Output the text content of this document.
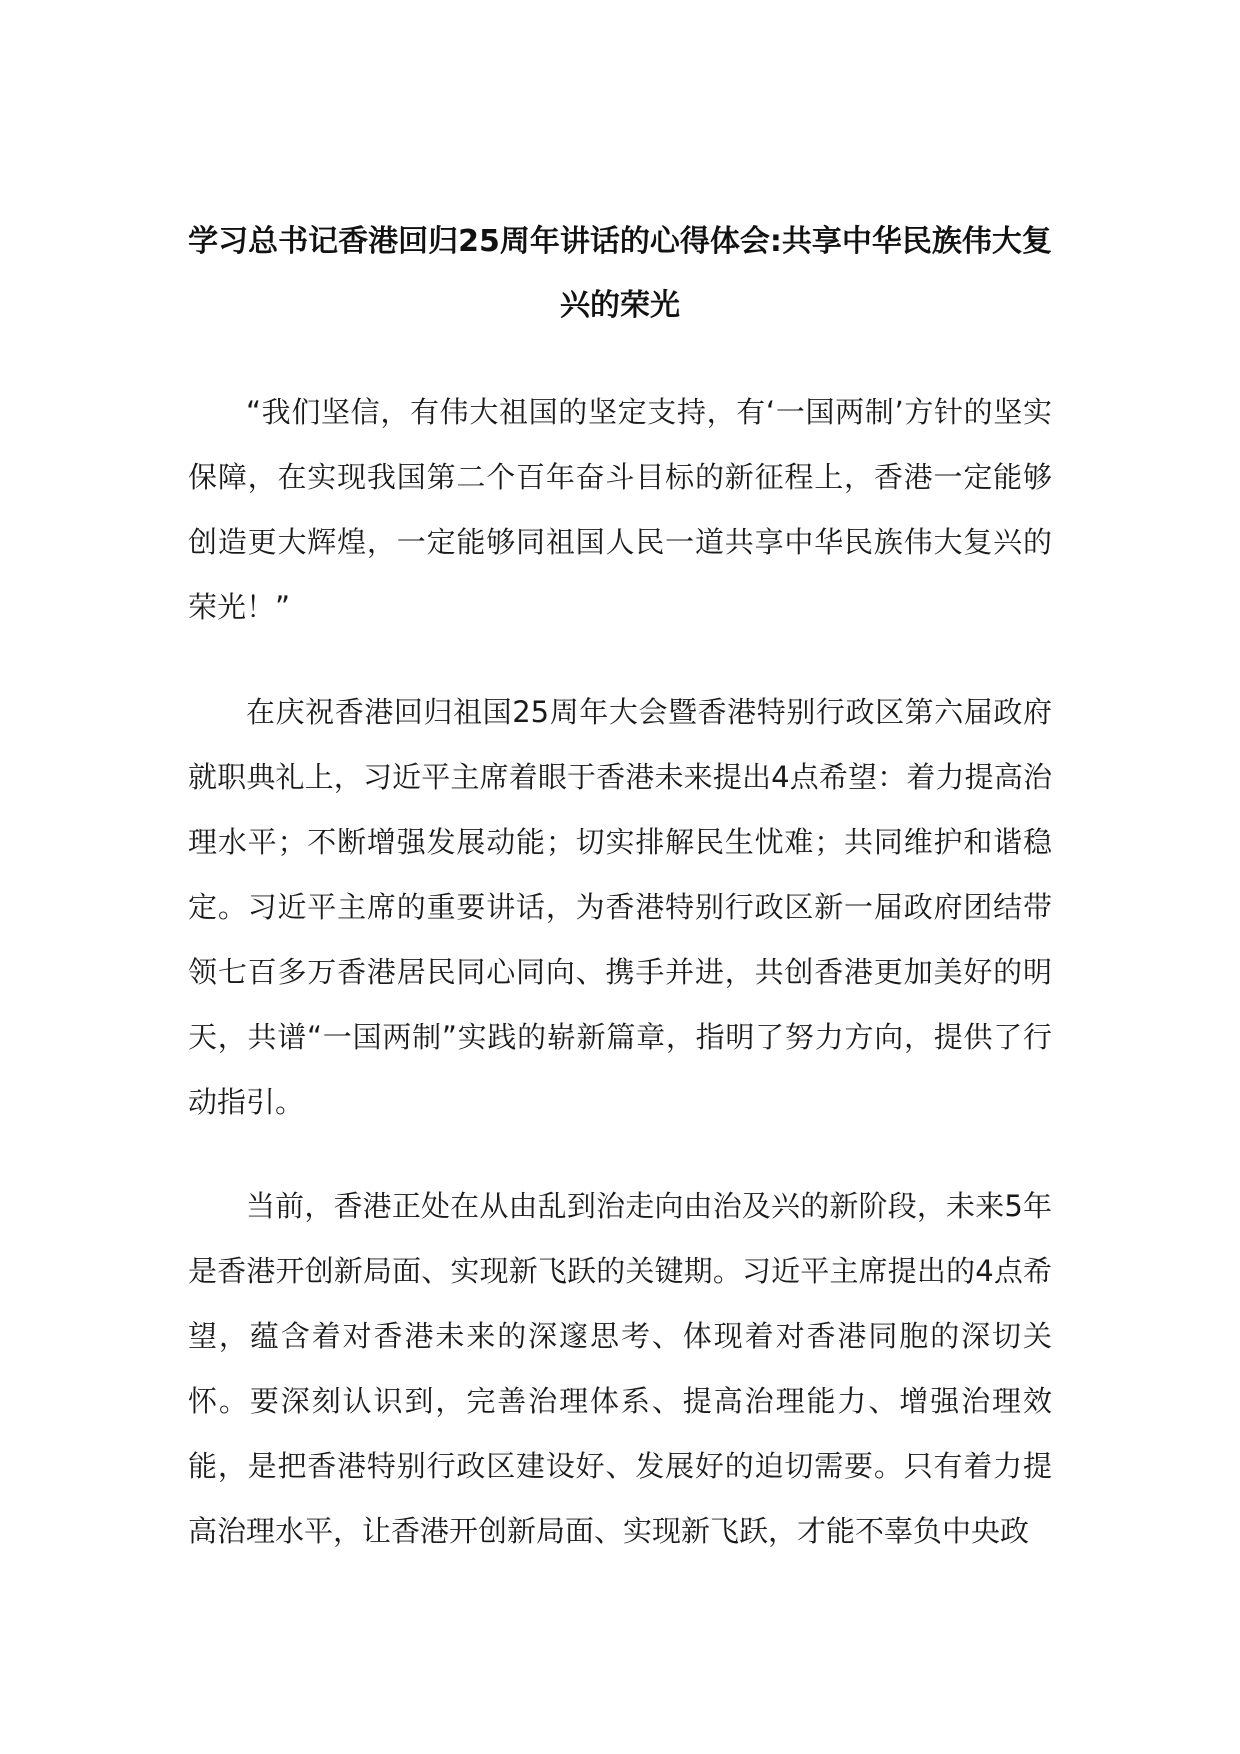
学习总书记香港回归25周年讲话的心得体会:共享中华民族伟大复兴的荣光

“我们坚信，有伟大祖国的坚定支持，有‘一国两制’方针的坚实保障，在实现我国第二个百年奋斗目标的新征程上，香港一定能够创造更大辉煌，一定能够同祖国人民一道共享中华民族伟大复兴的荣光！”

在庆祝香港回归祖国25周年大会暨香港特别行政区第六届政府就职典礼上，习近平主席着眼于香港未来提出4点希望：着力提高治理水平；不断增强发展动能；切实排解民生忧难；共同维护和谐稳定。习近平主席的重要讲话，为香港特别行政区新一届政府团结带领七百多万香港居民同心同向、携手并进，共创香港更加美好的明天，共谱“一国两制”实践的崭新篇章，指明了努力方向，提供了行动指引。

当前，香港正处在从由乱到治走向由治及兴的新阶段，未来5年是香港开创新局面、实现新飞跃的关键期。习近平主席提出的4点希望，蕴含着对香港未来的深邃思考、体现着对香港同胞的深切关怀。要深刻认识到，完善治理体系、提高治理能力、增强治理效能，是把香港特别行政区建设好、发展好的迫切需要。只有着力提高治理水平，让香港开创新局面、实现新飞跃，才能不辜负中央政
